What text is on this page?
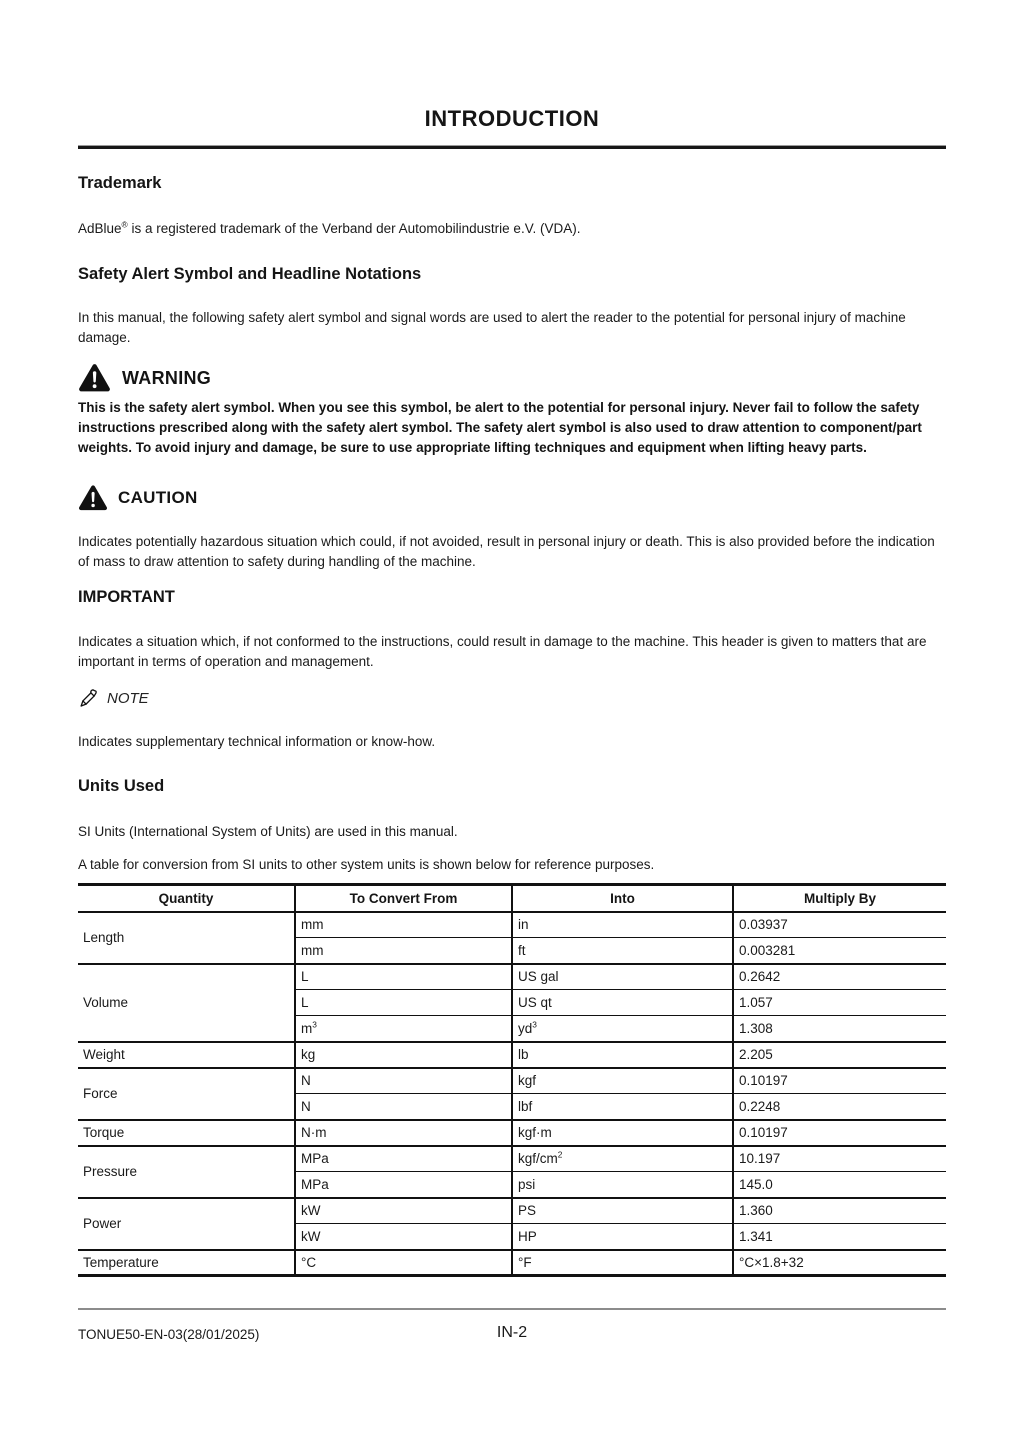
INTRODUCTION
Trademark

AdBlue® is a registered trademark of the Verband der Automobilindustrie e.V. (VDA).

Safety Alert Symbol and Headline Notations

In this manual, the following safety alert symbol and signal words are used to alert the reader to the potential for personal injury of machine damage.

WARNING

This is the safety alert symbol. When you see this symbol, be alert to the potential for personal injury. Never fail to follow the safety instructions prescribed along with the safety alert symbol. The safety alert symbol is also used to draw attention to component/part weights. To avoid injury and damage, be sure to use appropriate lifting techniques and equipment when lifting heavy parts.

CAUTION

Indicates potentially hazardous situation which could, if not avoided, result in personal injury or death. This is also provided before the indication of mass to draw attention to safety during handling of the machine.

IMPORTANT

Indicates a situation which, if not conformed to the instructions, could result in damage to the machine. This header is given to matters that are important in terms of operation and management.

NOTE

Indicates supplementary technical information or know-how.

Units Used

SI Units (International System of Units) are used in this manual.

A table for conversion from SI units to other system units is shown below for reference purposes.

Quantity	To Convert From	Into	Multiply By
Length	mm	in	0.03937
	mm	ft	0.003281
Volume	L	US gal	0.2642
	L	US qt	1.057
	$m^3$	$yd^3$	1.308
Weight	kg	lb	2.205
Force	N	kgf	0.10197
	N	lbf	0.2248
Torque	N·m	kgf·m	0.10197
Pressure	MPa	kgf/$cm^2$	10.197
	MPa	psi	145.0
Power	kW	PS	1.360
	kW	HP	1.341
Temperature	°C	°F	°C×1.8+32
TONUE50-EN-03(28/01/2025)	IN-2
